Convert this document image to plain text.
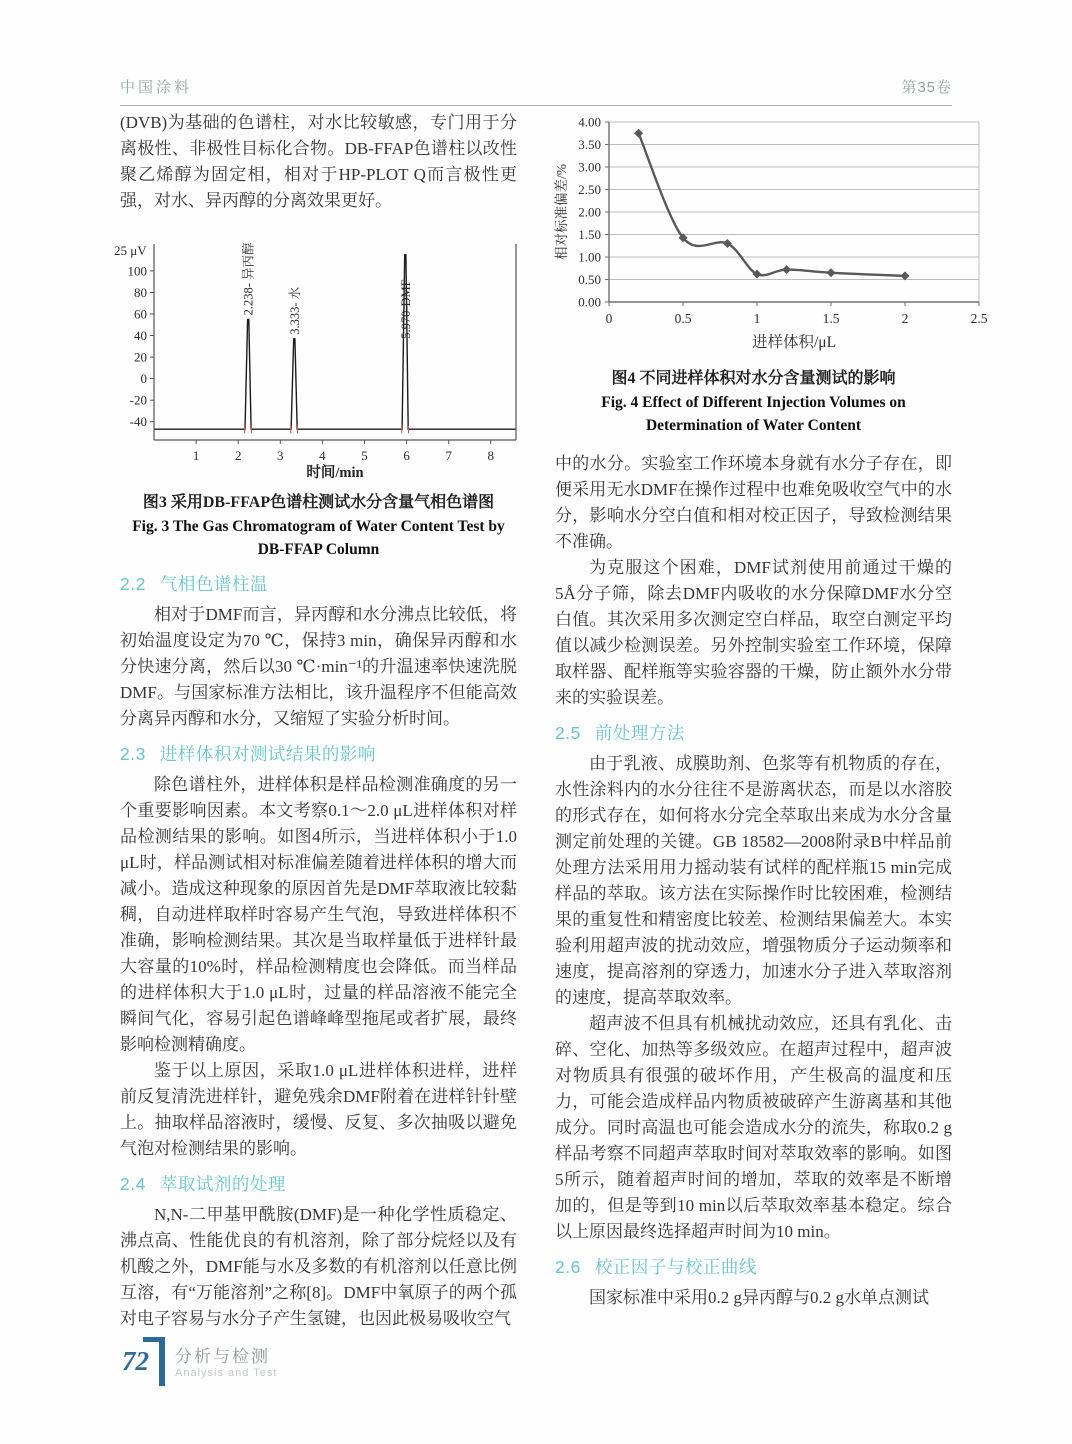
中国涂料	第35卷

(DVB)为基础的色谱柱，对水比较敏感，专门用于分离极性、非极性目标化合物。DB-FFAP色谱柱以改性聚乙烯醇为固定相，相对于HP-PLOT Q而言极性更强，对水、异丙醇的分离效果更好。

2.238- 异丙醇	3.333- 水	5.970-DMF
100
80
60
40
20
0
-20
-40
25 μV
1	2	3	4	5	6	7	8
时间/min
图3 采用DB-FFAP色谱柱测试水分含量气相色谱图
Fig. 3 The Gas Chromatogram of Water Content Test by
DB-FFAP Column
2.2 气相色谱柱温

相对于DMF而言，异丙醇和水分沸点比较低，将初始温度设定为70 ℃，保持3 min，确保异丙醇和水分快速分离，然后以30 ℃·min⁻¹的升温速率快速洗脱DMF。与国家标准方法相比，该升温程序不但能高效分离异丙醇和水分，又缩短了实验分析时间。

2.3 进样体积对测试结果的影响

除色谱柱外，进样体积是样品检测准确度的另一个重要影响因素。本文考察0.1～2.0 μL进样体积对样品检测结果的影响。如图4所示，当进样体积小于1.0 μL时，样品测试相对标准偏差随着进样体积的增大而减小。造成这种现象的原因首先是DMF萃取液比较黏稠，自动进样取样时容易产生气泡，导致进样体积不准确，影响检测结果。其次是当取样量低于进样针最大容量的10%时，样品检测精度也会降低。而当样品的进样体积大于1.0 μL时，过量的样品溶液不能完全瞬间气化，容易引起色谱峰峰型拖尾或者扩展，最终影响检测精确度。

鉴于以上原因，采取1.0 μL进样体积进样，进样前反复清洗进样针，避免残余DMF附着在进样针针壁上。抽取样品溶液时，缓慢、反复、多次抽吸以避免气泡对检测结果的影响。

2.4 萃取试剂的处理

N,N-二甲基甲酰胺(DMF)是一种化学性质稳定、沸点高、性能优良的有机溶剂，除了部分烷烃以及有机酸之外，DMF能与水及多数的有机溶剂以任意比例互溶，有“万能溶剂”之称[8]。DMF中氧原子的两个孤对电子容易与水分子产生氢键，也因此极易吸收空气

0.00
0.50
1.00
1.50
2.00
2.50
3.00
3.50
4.00
0	0.5	1	1.5	2	2.5
相对标准偏差/%
进样体积/μL
图4 不同进样体积对水分含量测试的影响
Fig. 4 Effect of Different Injection Volumes on
Determination of Water Content

中的水分。实验室工作环境本身就有水分子存在，即便采用无水DMF在操作过程中也难免吸收空气中的水分，影响水分空白值和相对校正因子，导致检测结果不准确。

为克服这个困难，DMF试剂使用前通过干燥的5Å分子筛，除去DMF内吸收的水分保障DMF水分空白值。其次采用多次测定空白样品，取空白测定平均值以减少检测误差。另外控制实验室工作环境，保障取样器、配样瓶等实验容器的干燥，防止额外水分带来的实验误差。

2.5 前处理方法

由于乳液、成膜助剂、色浆等有机物质的存在，水性涂料内的水分往往不是游离状态，而是以水溶胶的形式存在，如何将水分完全萃取出来成为水分含量测定前处理的关键。GB 18582—2008附录B中样品前处理方法采用用力摇动装有试样的配样瓶15 min完成样品的萃取。该方法在实际操作时比较困难，检测结果的重复性和精密度比较差、检测结果偏差大。本实验利用超声波的扰动效应，增强物质分子运动频率和速度，提高溶剂的穿透力，加速水分子进入萃取溶剂的速度，提高萃取效率。

超声波不但具有机械扰动效应，还具有乳化、击碎、空化、加热等多级效应。在超声过程中，超声波对物质具有很强的破坏作用，产生极高的温度和压力，可能会造成样品内物质被破碎产生游离基和其他成分。同时高温也可能会造成水分的流失，称取0.2 g样品考察不同超声萃取时间对萃取效率的影响。如图5所示，随着超声时间的增加，萃取的效率是不断增加的，但是等到10 min以后萃取效率基本稳定。综合以上原因最终选择超声时间为10 min。

2.6 校正因子与校正曲线

国家标准中采用0.2 g异丙醇与0.2 g水单点测试

72	分析与检测
Analysis and Test
